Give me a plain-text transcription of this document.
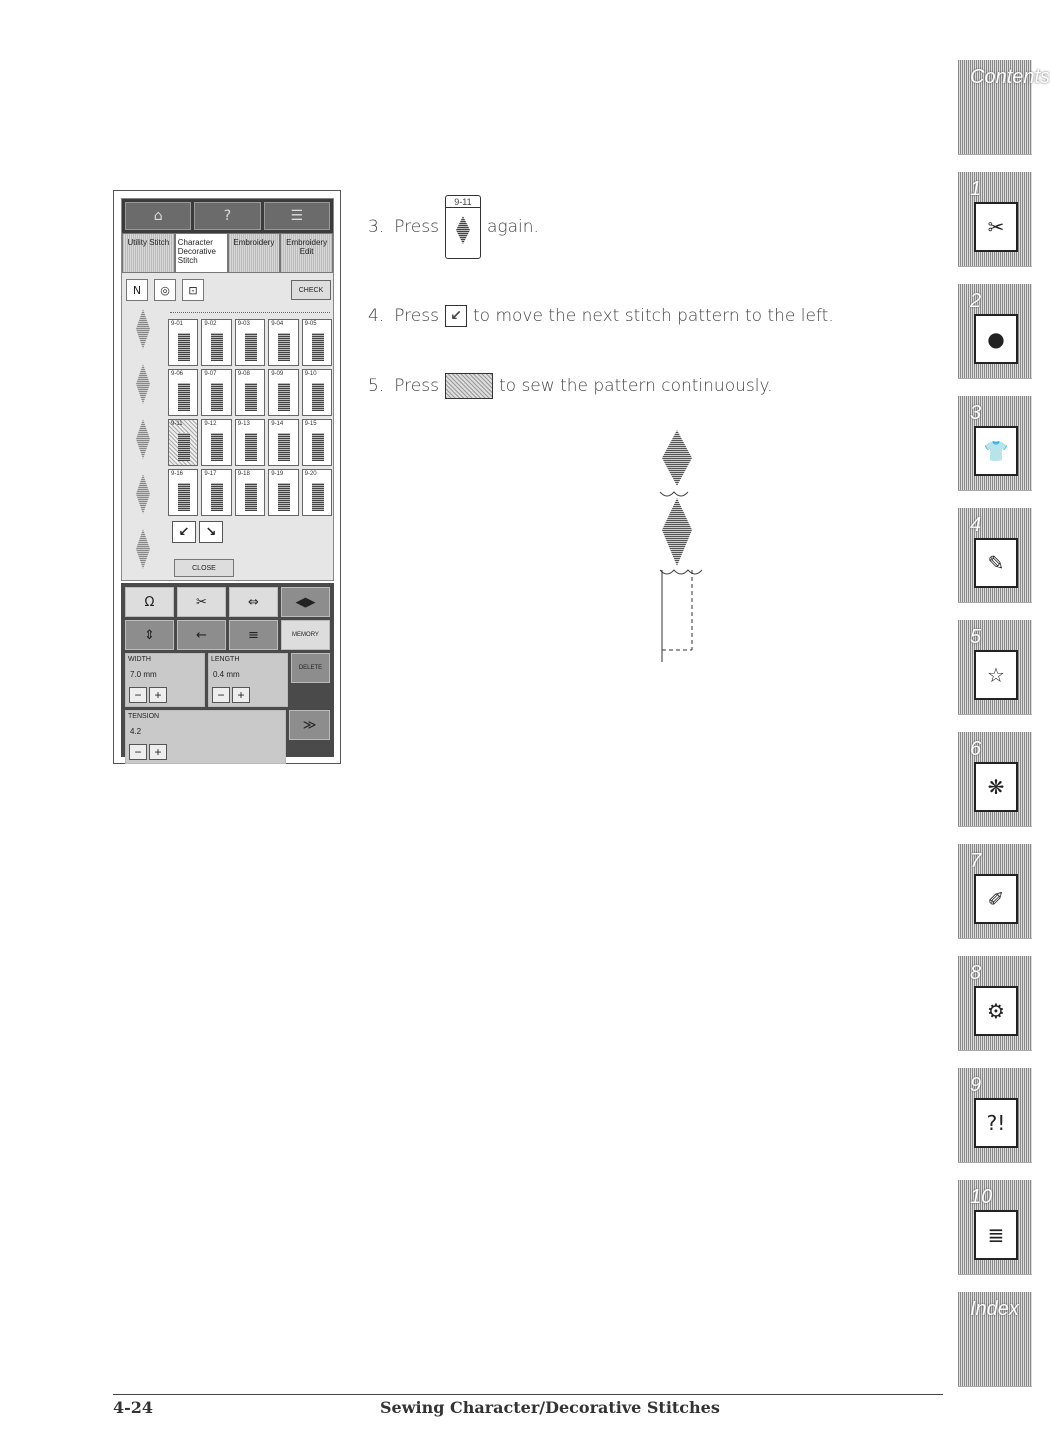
⌂	?	☰
Utility Stitch	Character Decorative Stitch
Embroidery	Embroidery Edit
N	◎	⊡	CHECK
9-01	9-02	9-03	9-04	9-05
9-06	9-07	9-08	9-09	9-10
9-11	9-12	9-13	9-14	9-15
9-16	9-17	9-18	9-19	9-20
↙	↘
CLOSE
Ω	✂	⇔	◀▶
⇕	←	≡	MEMORY
WIDTH
7.0 mm
−	+
LENGTH
0.4 mm
−	+
DELETE
TENSION
4.2
−	+
≫
3. Press
9-11
again.
4. Press ↙ to move the next stitch pattern to the left.
5. Press	to sew the pattern continuously.
Contents
1
✂
2
●
3
👕
4
✎
5
☆
6
❋
7
✐
8
⚙
9
?!
10
≣
Index
4-24	Sewing Character/Decorative Stitches
